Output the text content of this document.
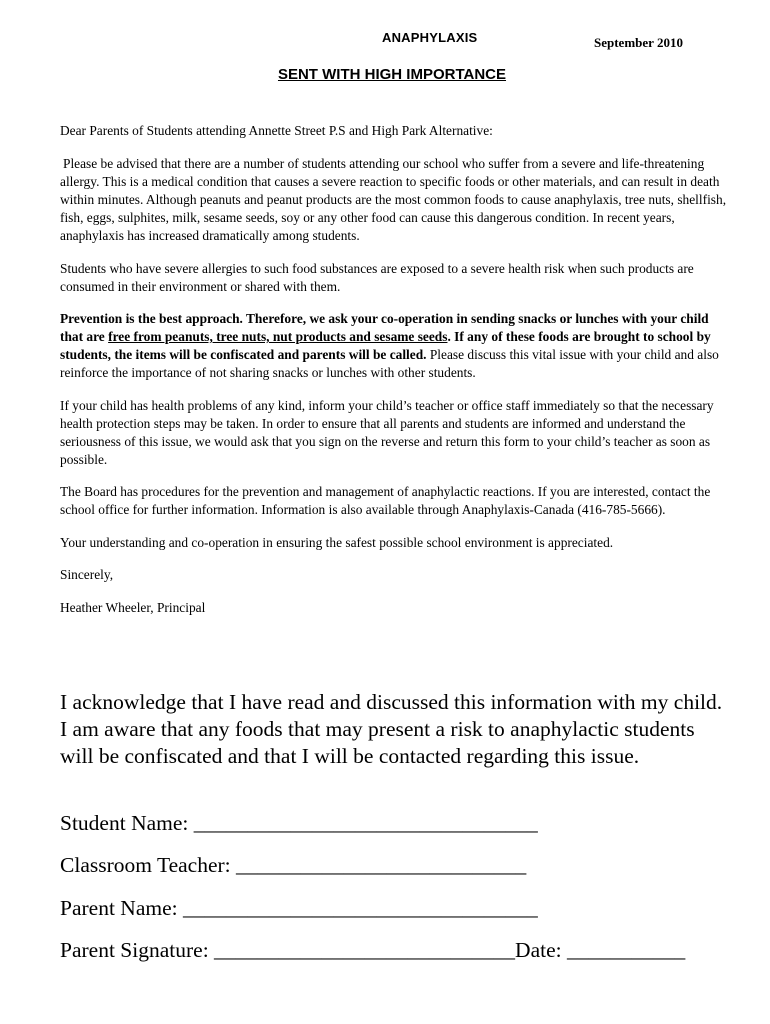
ANAPHYLAXIS	September 2010
SENT WITH HIGH IMPORTANCE

Dear Parents of Students attending Annette Street P.S and High Park Alternative:

Please be advised that there are a number of students attending our school who suffer from a severe and life-threatening allergy. This is a medical condition that causes a severe reaction to specific foods or other materials, and can result in death within minutes. Although peanuts and peanut products are the most common foods to cause anaphylaxis, tree nuts, shellfish, fish, eggs, sulphites, milk, sesame seeds, soy or any other food can cause this dangerous condition. In recent years, anaphylaxis has increased dramatically among students.

Students who have severe allergies to such food substances are exposed to a severe health risk when such products are consumed in their environment or shared with them.

Prevention is the best approach. Therefore, we ask your co-operation in sending snacks or lunches with your child that are free from peanuts, tree nuts, nut products and sesame seeds. If any of these foods are brought to school by students, the items will be confiscated and parents will be called. Please discuss this vital issue with your child and also reinforce the importance of not sharing snacks or lunches with other students.

If your child has health problems of any kind, inform your child’s teacher or office staff immediately so that the necessary health protection steps may be taken. In order to ensure that all parents and students are informed and understand the seriousness of this issue, we would ask that you sign on the reverse and return this form to your child’s teacher as soon as possible.

The Board has procedures for the prevention and management of anaphylactic reactions. If you are interested, contact the school office for further information. Information is also available through Anaphylaxis-Canada (416-785-5666).

Your understanding and co-operation in ensuring the safest possible school environment is appreciated.

Sincerely,

Heather Wheeler, Principal

I acknowledge that I have read and discussed this information with my child. I am aware that any foods that may present a risk to anaphylactic students will be confiscated and that I will be contacted regarding this issue.
Student Name: ________________________________
Classroom Teacher: ___________________________
Parent Name: _________________________________
Parent Signature: ____________________________Date: ___________
